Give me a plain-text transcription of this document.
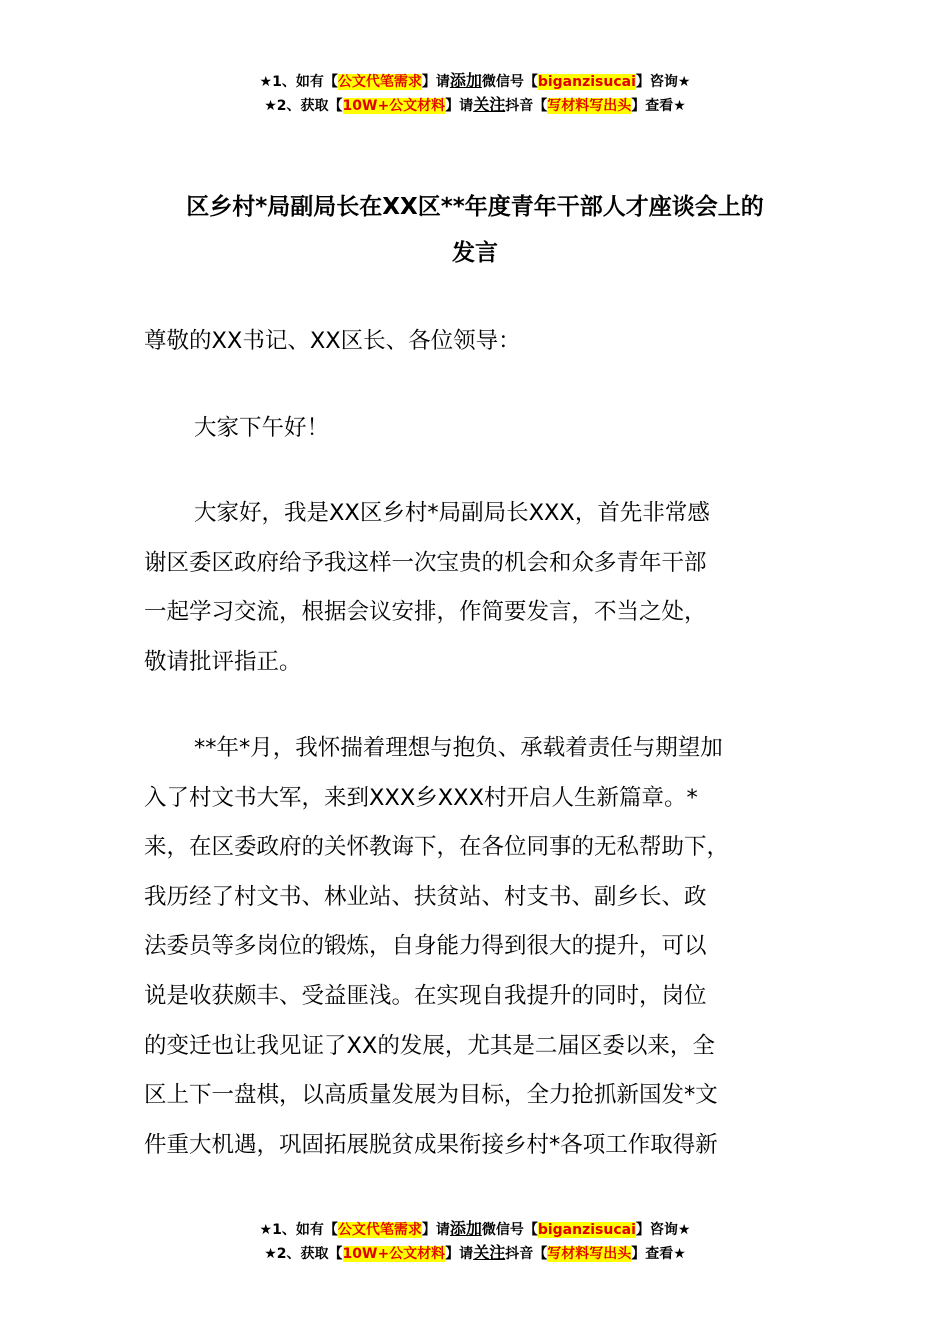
★1、如有【公文代笔需求】请添加微信号【biganzisucai】咨询★
★2、获取【10W+公文材料】请关注抖音【写材料写出头】查看★
区乡村*局副局长在XX区**年度青年干部人才座谈会上的
发言
尊敬的XX书记、XX区长、各位领导：
大家下午好！
大家好，我是XX区乡村*局副局长XXX，首先非常感
谢区委区政府给予我这样一次宝贵的机会和众多青年干部
一起学习交流，根据会议安排，作简要发言，不当之处，
敬请批评指正。
**年*月，我怀揣着理想与抱负、承载着责任与期望加
入了村文书大军，来到XXX乡XXX村开启人生新篇章。*
来，在区委政府的关怀教诲下，在各位同事的无私帮助下，
我历经了村文书、林业站、扶贫站、村支书、副乡长、政
法委员等多岗位的锻炼，自身能力得到很大的提升，可以
说是收获颇丰、受益匪浅。在实现自我提升的同时，岗位
的变迁也让我见证了XX的发展，尤其是二届区委以来，全
区上下一盘棋，以高质量发展为目标，全力抢抓新国发*文
件重大机遇，巩固拓展脱贫成果衔接乡村*各项工作取得新
★1、如有【公文代笔需求】请添加微信号【biganzisucai】咨询★
★2、获取【10W+公文材料】请关注抖音【写材料写出头】查看★
